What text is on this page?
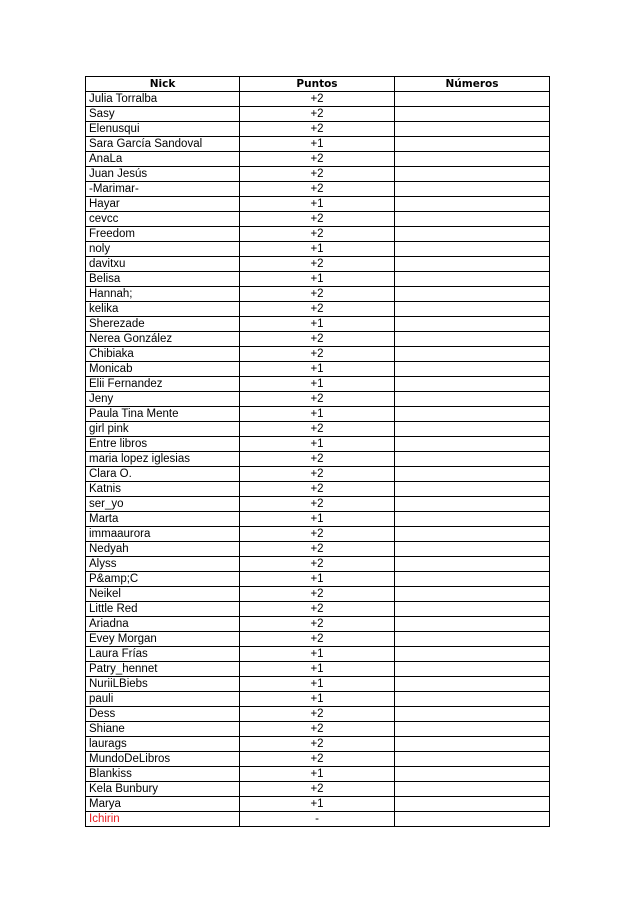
Nick	Puntos	Números
Julia Torralba	+2	
Sasy	+2	
Elenusqui	+2	
Sara García Sandoval	+1	
AnaLa	+2	
Juan Jesús	+2	
-Marimar-	+2	
Hayar	+1	
cevcc	+2	
Freedom	+2	
noly	+1	
davitxu	+2	
Belisa	+1	
Hannah;	+2	
kelika	+2	
Sherezade	+1	
Nerea González	+2	
Chibiaka	+2	
Monicab	+1	
Elii Fernandez	+1	
Jeny	+2	
Paula Tina Mente	+1	
girl pink	+2	
Entre libros	+1	
maria lopez iglesias	+2	
Clara O.	+2	
Katnis	+2	
ser_yo	+2	
Marta	+1	
immaaurora	+2	
Nedyah	+2	
Alyss	+2	
P&amp;C	+1	
Neikel	+2	
Little Red	+2	
Ariadna	+2	
Evey Morgan	+2	
Laura Frías	+1	
Patry_hennet	+1	
NuriiLBiebs	+1	
pauli	+1	
Dess	+2	
Shiane	+2	
laurags	+2	
MundoDeLibros	+2	
Blankiss	+1	
Kela Bunbury	+2	
Marya	+1	
Ichirin	-	
